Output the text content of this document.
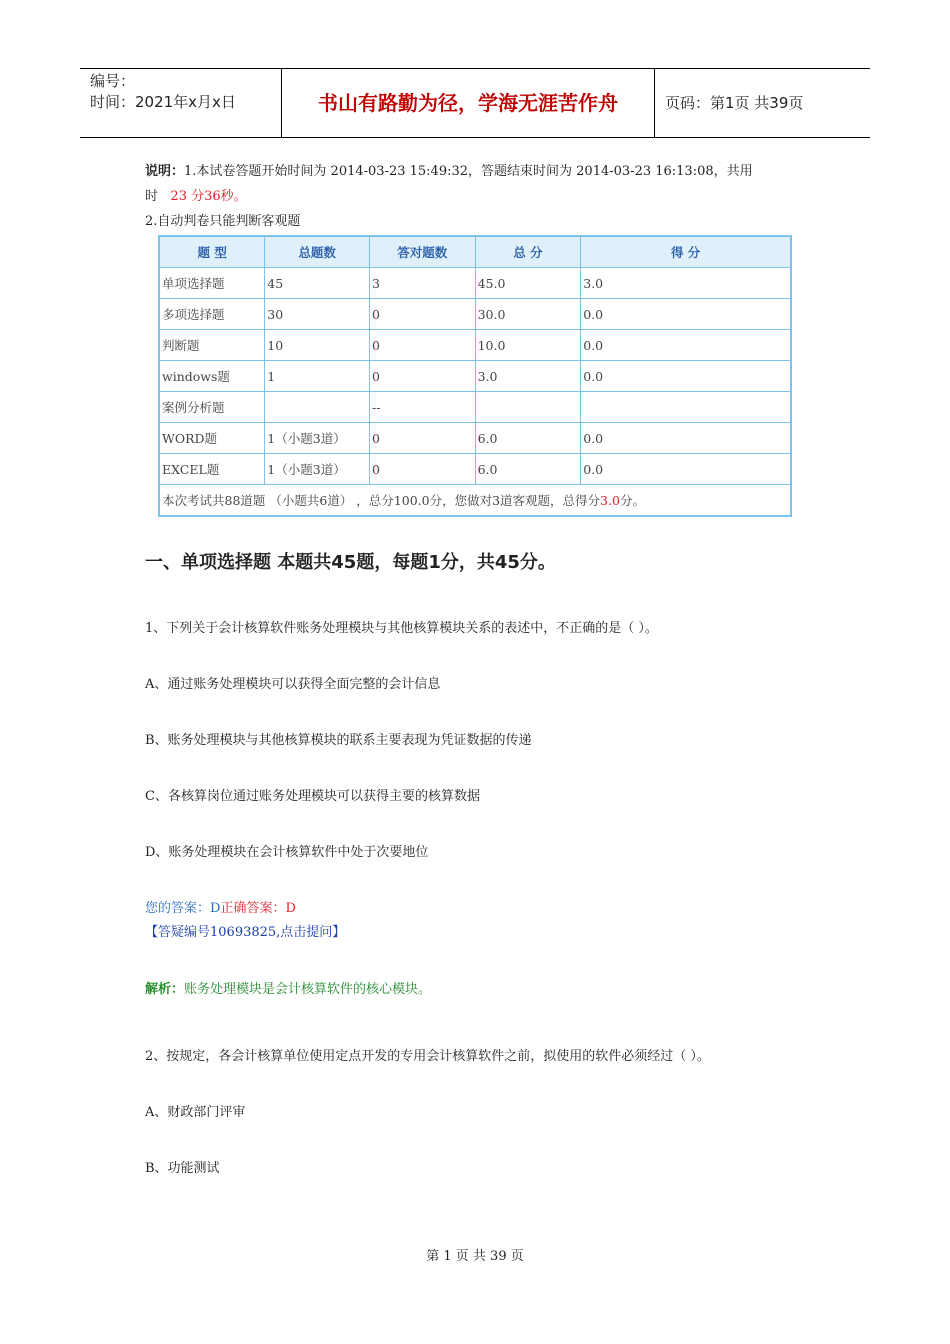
编号：
时间：2021年x月x日	书山有路勤为径，学海无涯苦作舟	页码：第1页 共39页
说明：1.本试卷答题开始时间为 2014-03-23 15:49:32，答题结束时间为 2014-03-23 16:13:08，共用
时 23 分36秒。
2.自动判卷只能判断客观题
题 型	总题数	答对题数	总 分	得 分
单项选择题	45	3	45.0	3.0
多项选择题	30	0	30.0	0.0
判断题	10	0	10.0	0.0
windows题	1	0	3.0	0.0
案例分析题		--		
WORD题	1（小题3道）	0	6.0	0.0
EXCEL题	1（小题3道）	0	6.0	0.0
本次考试共88道题 （小题共6道） ，总分100.0分，您做对3道客观题，总得分3.0分。				
一、单项选择题 本题共45题，每题1分，共45分。
1、下列关于会计核算软件账务处理模块与其他核算模块关系的表述中，不正确的是（ ）。
A、通过账务处理模块可以获得全面完整的会计信息
B、账务处理模块与其他核算模块的联系主要表现为凭证数据的传递
C、各核算岗位通过账务处理模块可以获得主要的核算数据
D、账务处理模块在会计核算软件中处于次要地位
您的答案：D正确答案：D
【答疑编号10693825,点击提问】
解析：账务处理模块是会计核算软件的核心模块。
2、按规定，各会计核算单位使用定点开发的专用会计核算软件之前，拟使用的软件必须经过（ ）。
A、财政部门评审
B、功能测试
第 1 页 共 39 页
